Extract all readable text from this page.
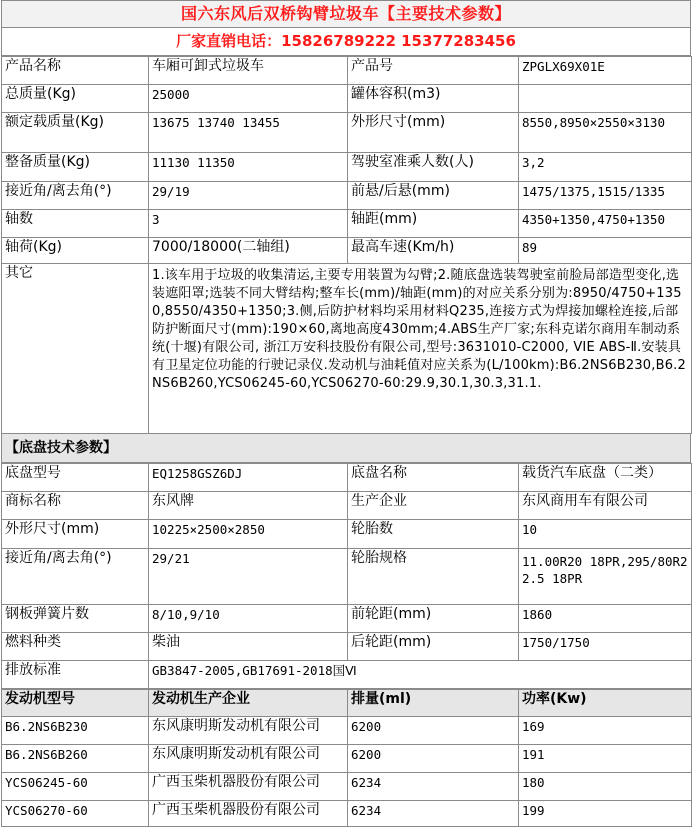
国六东风后双桥钩臂垃圾车【主要技术参数】
厂家直销电话：15826789222 15377283456
产品名称	车厢可卸式垃圾车	产品号	ZPGLX69X01E
总质量(Kg)	25000	罐体容积(m3)	
额定载质量(Kg)	13675 13740 13455	外形尺寸(mm)	8550,8950×2550×3130
整备质量(Kg)	11130 11350	驾驶室准乘人数(人)	3,2
接近角/离去角(°)	29/19	前悬/后悬(mm)	1475/1375,1515/1335
轴数	3	轴距(mm)	4350+1350,4750+1350
轴荷(Kg)	7000/18000(二轴组)	最高车速(Km/h)	89
其它	1.该车用于垃圾的收集清运,主要专用装置为勾臂;2.随底盘选装驾驶室前脸局部造型变化,选装遮阳罩;选装不同大臂结构;整车长(mm)/轴距(mm)的对应关系分别为:8950/4750+1350,8550/4350+1350;3.侧,后防护材料均采用材料Q235,连接方式为焊接加螺栓连接,后部防护断面尺寸(mm):190×60,离地高度430mm;4.ABS生产厂家;东科克诺尔商用车制动系统(十堰)有限公司, 浙江万安科技股份有限公司,型号:3631010-C2000, VIE ABS-Ⅱ.安装具有卫星定位功能的行驶记录仪.发动机与油耗值对应关系为(L/100km):B6.2NS6B230,B6.2NS6B260,YCS06245-60,YCS06270-60:29.9,30.1,30.3,31.1.		
【底盘技术参数】
底盘型号	EQ1258GSZ6DJ	底盘名称	载货汽车底盘（二类）
商标名称	东风牌	生产企业	东风商用车有限公司
外形尺寸(mm)	10225×2500×2850	轮胎数	10
接近角/离去角(°)	29/21	轮胎规格	11.00R20 18PR,295/80R22.5 18PR
钢板弹簧片数	8/10,9/10	前轮距(mm)	1860
燃料种类	柴油	后轮距(mm)	1750/1750
排放标准	GB3847-2005,GB17691-2018国Ⅵ		
发动机型号	发动机生产企业	排量(ml)	功率(Kw)
B6.2NS6B230	东风康明斯发动机有限公司	6200	169
B6.2NS6B260	东风康明斯发动机有限公司	6200	191
YCS06245-60	广西玉柴机器股份有限公司	6234	180
YCS06270-60	广西玉柴机器股份有限公司	6234	199
